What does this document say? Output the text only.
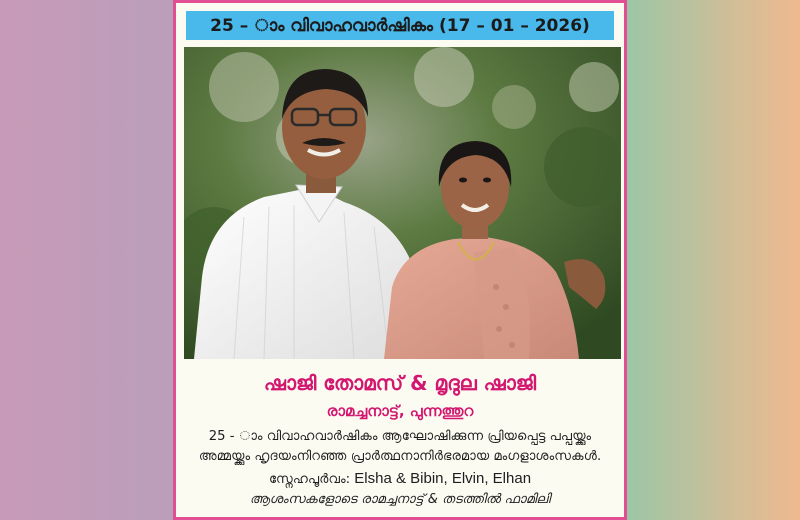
25 – ാം വിവാഹവാർഷികം (17 – 01 – 2026)
ഷാജി തോമസ് & മൃദുല ഷാജി
രാമച്ചനാട്ട്, പുന്നത്തുറ
25 - ാം വിവാഹവാർഷികം ആഘോഷിക്കുന്ന പ്രിയപ്പെട്ട പപ്പയ്ക്കും
അമ്മയ്ക്കും ഹൃദയംനിറഞ്ഞ പ്രാർത്ഥനാനിർഭരമായ മംഗളാശംസകൾ.
സ്നേഹപൂർവം: Elsha & Bibin, Elvin, Elhan
ആശംസകളോടെ രാമച്ചനാട്ട് & തടത്തിൽ ഫാമിലി
